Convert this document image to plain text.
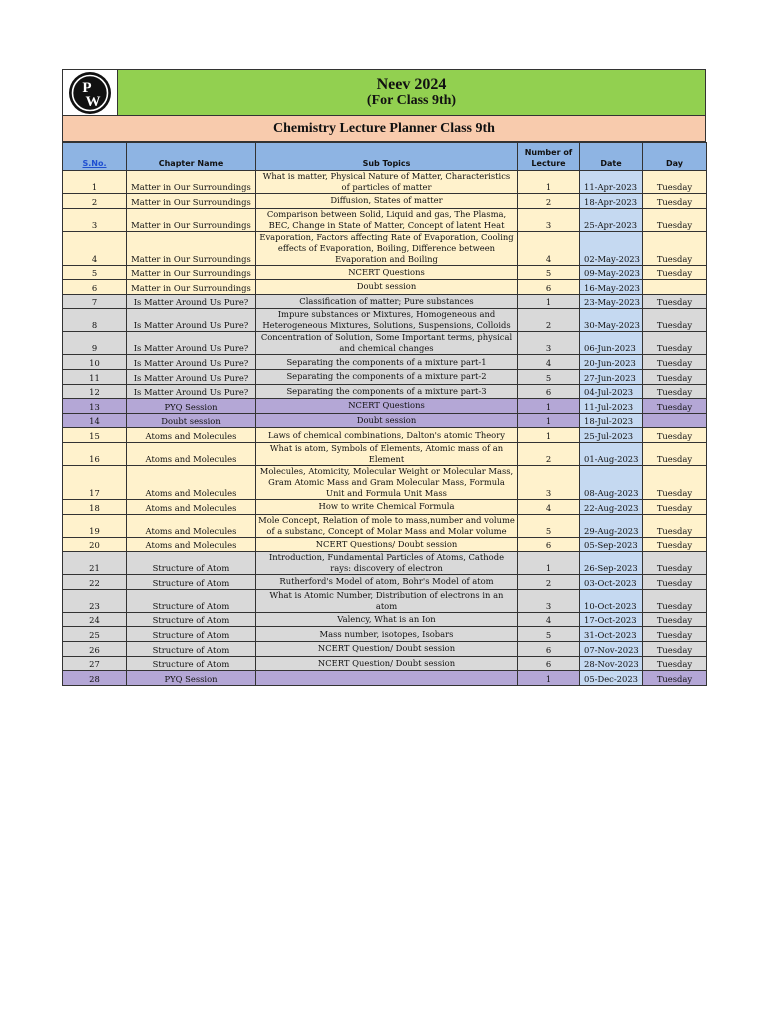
P
W
Neev 2024
(For Class 9th)
Chemistry Lecture Planner Class 9th
S.No.	Chapter Name	Sub Topics	Number of Lecture	Date	Day
1	Matter in Our Surroundings	What is matter, Physical Nature of Matter, Characteristics of particles of matter	1	11-Apr-2023	Tuesday
2	Matter in Our Surroundings	Diffusion, States of matter	2	18-Apr-2023	Tuesday
3	Matter in Our Surroundings	Comparison between Solid, Liquid and gas, The Plasma, BEC, Change in State of Matter, Concept of latent Heat	3	25-Apr-2023	Tuesday
4	Matter in Our Surroundings	Evaporation, Factors affecting Rate of Evaporation, Cooling effects of Evaporation, Boiling, Difference between Evaporation and Boiling	4	02-May-2023	Tuesday
5	Matter in Our Surroundings	NCERT Questions	5	09-May-2023	Tuesday
6	Matter in Our Surroundings	Doubt session	6	16-May-2023	
7	Is Matter Around Us Pure?	Classification of matter; Pure substances	1	23-May-2023	Tuesday
8	Is Matter Around Us Pure?	Impure substances or Mixtures, Homogeneous and Heterogeneous Mixtures, Solutions, Suspensions, Colloids	2	30-May-2023	Tuesday
9	Is Matter Around Us Pure?	Concentration of Solution, Some Important terms, physical and chemical changes	3	06-Jun-2023	Tuesday
10	Is Matter Around Us Pure?	Separating the components of a mixture part-1	4	20-Jun-2023	Tuesday
11	Is Matter Around Us Pure?	Separating the components of a mixture part-2	5	27-Jun-2023	Tuesday
12	Is Matter Around Us Pure?	Separating the components of a mixture part-3	6	04-Jul-2023	Tuesday
13	PYQ Session	NCERT Questions	1	11-Jul-2023	Tuesday
14	Doubt session	Doubt session	1	18-Jul-2023	
15	Atoms and Molecules	Laws of chemical combinations, Dalton's atomic Theory	1	25-Jul-2023	Tuesday
16	Atoms and Molecules	What is atom, Symbols of Elements, Atomic mass of an Element	2	01-Aug-2023	Tuesday
17	Atoms and Molecules	Molecules, Atomicity, Molecular Weight or Molecular Mass, Gram Atomic Mass and Gram Molecular Mass, Formula Unit and Formula Unit Mass	3	08-Aug-2023	Tuesday
18	Atoms and Molecules	How to write Chemical Formula	4	22-Aug-2023	Tuesday
19	Atoms and Molecules	Mole Concept, Relation of mole to mass,number and volume of a substanc, Concept of Molar Mass and Molar volume	5	29-Aug-2023	Tuesday
20	Atoms and Molecules	NCERT Questions/ Doubt session	6	05-Sep-2023	Tuesday
21	Structure of Atom	Introduction, Fundamental Particles of Atoms, Cathode rays: discovery of electron	1	26-Sep-2023	Tuesday
22	Structure of Atom	Rutherford's Model of atom, Bohr's Model of atom	2	03-Oct-2023	Tuesday
23	Structure of Atom	What is Atomic Number, Distribution of electrons in an atom	3	10-Oct-2023	Tuesday
24	Structure of Atom	Valency, What is an Ion	4	17-Oct-2023	Tuesday
25	Structure of Atom	Mass number, isotopes, Isobars	5	31-Oct-2023	Tuesday
26	Structure of Atom	NCERT Question/ Doubt session	6	07-Nov-2023	Tuesday
27	Structure of Atom	NCERT Question/ Doubt session	6	28-Nov-2023	Tuesday
28	PYQ Session		1	05-Dec-2023	Tuesday
